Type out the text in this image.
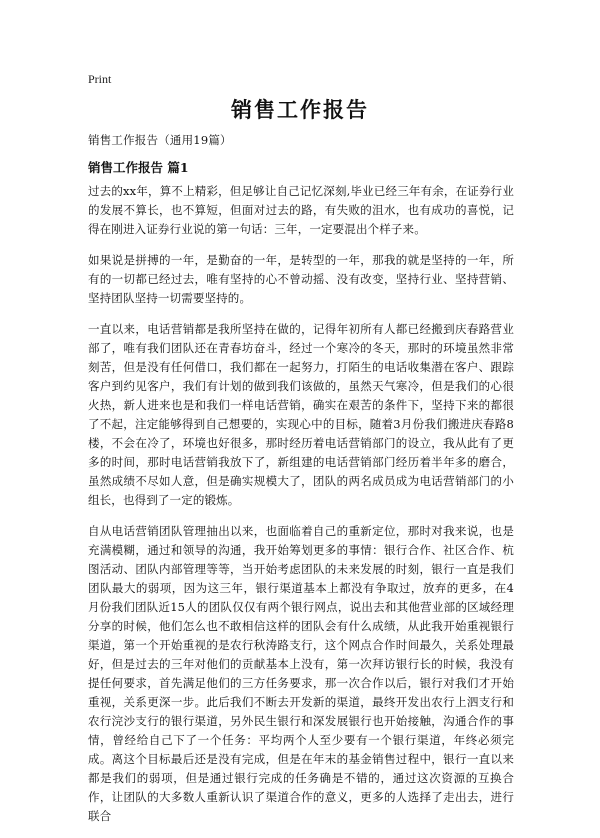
Print
销售工作报告
销售工作报告（通用19篇）
销售工作报告 篇1

过去的xx年，算不上精彩，但足够让自己记忆深刻,毕业已经三年有余，在证券行业的发展不算长，也不算短，但面对过去的路，有失败的沮水，也有成功的喜悦，记得在刚进入证券行业说的第一句话：三年，一定要混出个样子来。

如果说是拼搏的一年，是勤奋的一年，是转型的一年，那我的就是坚持的一年，所有的一切都已经过去，唯有坚持的心不曾动摇、没有改变，坚持行业、坚持营销、坚持团队坚持一切需要坚持的。

一直以来，电话营销都是我所坚持在做的，记得年初所有人都已经搬到庆春路营业部了，唯有我们团队还在青春坊奋斗，经过一个寒冷的冬天，那时的环境虽然非常刻苦，但是没有任何借口，我们都在一起努力，打陌生的电话收集潜在客户、跟踪客户到约见客户，我们有计划的做到我们该做的，虽然天气寒冷，但是我们的心很火热，新人进来也是和我们一样电话营销，确实在艰苦的条件下，坚持下来的都很了不起，注定能够得到自己想要的，实现心中的目标，随着3月份我们搬进庆春路8楼，不会在冷了，环境也好很多，那时经历着电话营销部门的设立，我从此有了更多的时间，那时电话营销我放下了，新组建的电话营销部门经历着半年多的磨合，虽然成绩不尽如人意，但是确实规模大了，团队的两名成员成为电话营销部门的小组长，也得到了一定的锻炼。

自从电话营销团队管理抽出以来，也面临着自己的重新定位，那时对我来说，也是充满模糊，通过和领导的沟通，我开始筹划更多的事情：银行合作、社区合作、杭图活动、团队内部管理等等，当开始考虑团队的未来发展的时刻，银行一直是我们团队最大的弱项，因为这三年，银行渠道基本上都没有争取过，放弃的更多，在4月份我们团队近15人的团队仅仅有两个银行网点，说出去和其他营业部的区域经理分享的时候，他们怎么也不敢相信这样的团队会有什么成绩，从此我开始重视银行渠道，第一个开始重视的是农行秋涛路支行，这个网点合作时间最久，关系处理最好，但是过去的三年对他们的贡献基本上没有，第一次拜访银行长的时候，我没有提任何要求，首先满足他们的三方任务要求，那一次合作以后，银行对我们才开始重视，关系更深一步。此后我们不断去开发新的渠道，最终开发出农行上泗支行和农行浣沙支行的银行渠道，另外民生银行和深发展银行也开始接触，沟通合作的事情，曾经给自己下了一个任务：平均两个人至少要有一个银行渠道，年终必须完成。离这个目标最后还是没有完成，但是在年末的基金销售过程中，银行一直以来都是我们的弱项，但是通过银行完成的任务确是不错的，通过这次资源的互换合作，让团队的大多数人重新认识了渠道合作的意义，更多的人选择了走出去，进行联合
